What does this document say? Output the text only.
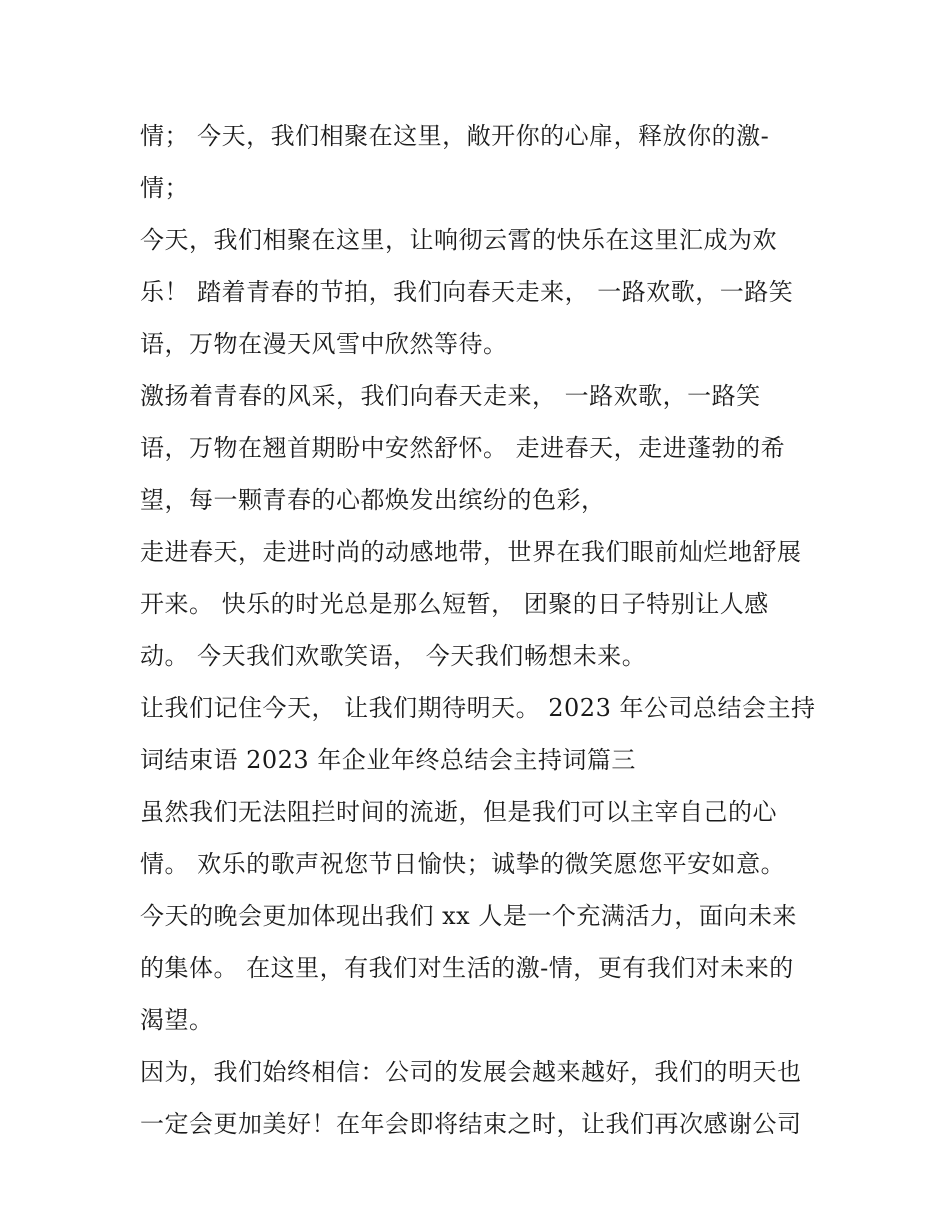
情； 今天，我们相聚在这里，敞开你的心扉，释放你的激-
情；
今天，我们相聚在这里，让响彻云霄的快乐在这里汇成为欢
乐！ 踏着青春的节拍，我们向春天走来， 一路欢歌，一路笑
语，万物在漫天风雪中欣然等待。
激扬着青春的风采，我们向春天走来， 一路欢歌，一路笑
语，万物在翘首期盼中安然舒怀。 走进春天，走进蓬勃的希
望，每一颗青春的心都焕发出缤纷的色彩，
走进春天，走进时尚的动感地带，世界在我们眼前灿烂地舒展
开来。 快乐的时光总是那么短暂， 团聚的日子特别让人感
动。 今天我们欢歌笑语， 今天我们畅想未来。
让我们记住今天， 让我们期待明天。 2023 年公司总结会主持
词结束语 2023 年企业年终总结会主持词篇三
虽然我们无法阻拦时间的流逝，但是我们可以主宰自己的心
情。 欢乐的歌声祝您节日愉快；诚挚的微笑愿您平安如意。
今天的晚会更加体现出我们 xx 人是一个充满活力，面向未来
的集体。 在这里，有我们对生活的激-情，更有我们对未来的
渴望。
因为，我们始终相信：公司的发展会越来越好，我们的明天也
一定会更加美好！在年会即将结束之时，让我们再次感谢公司
